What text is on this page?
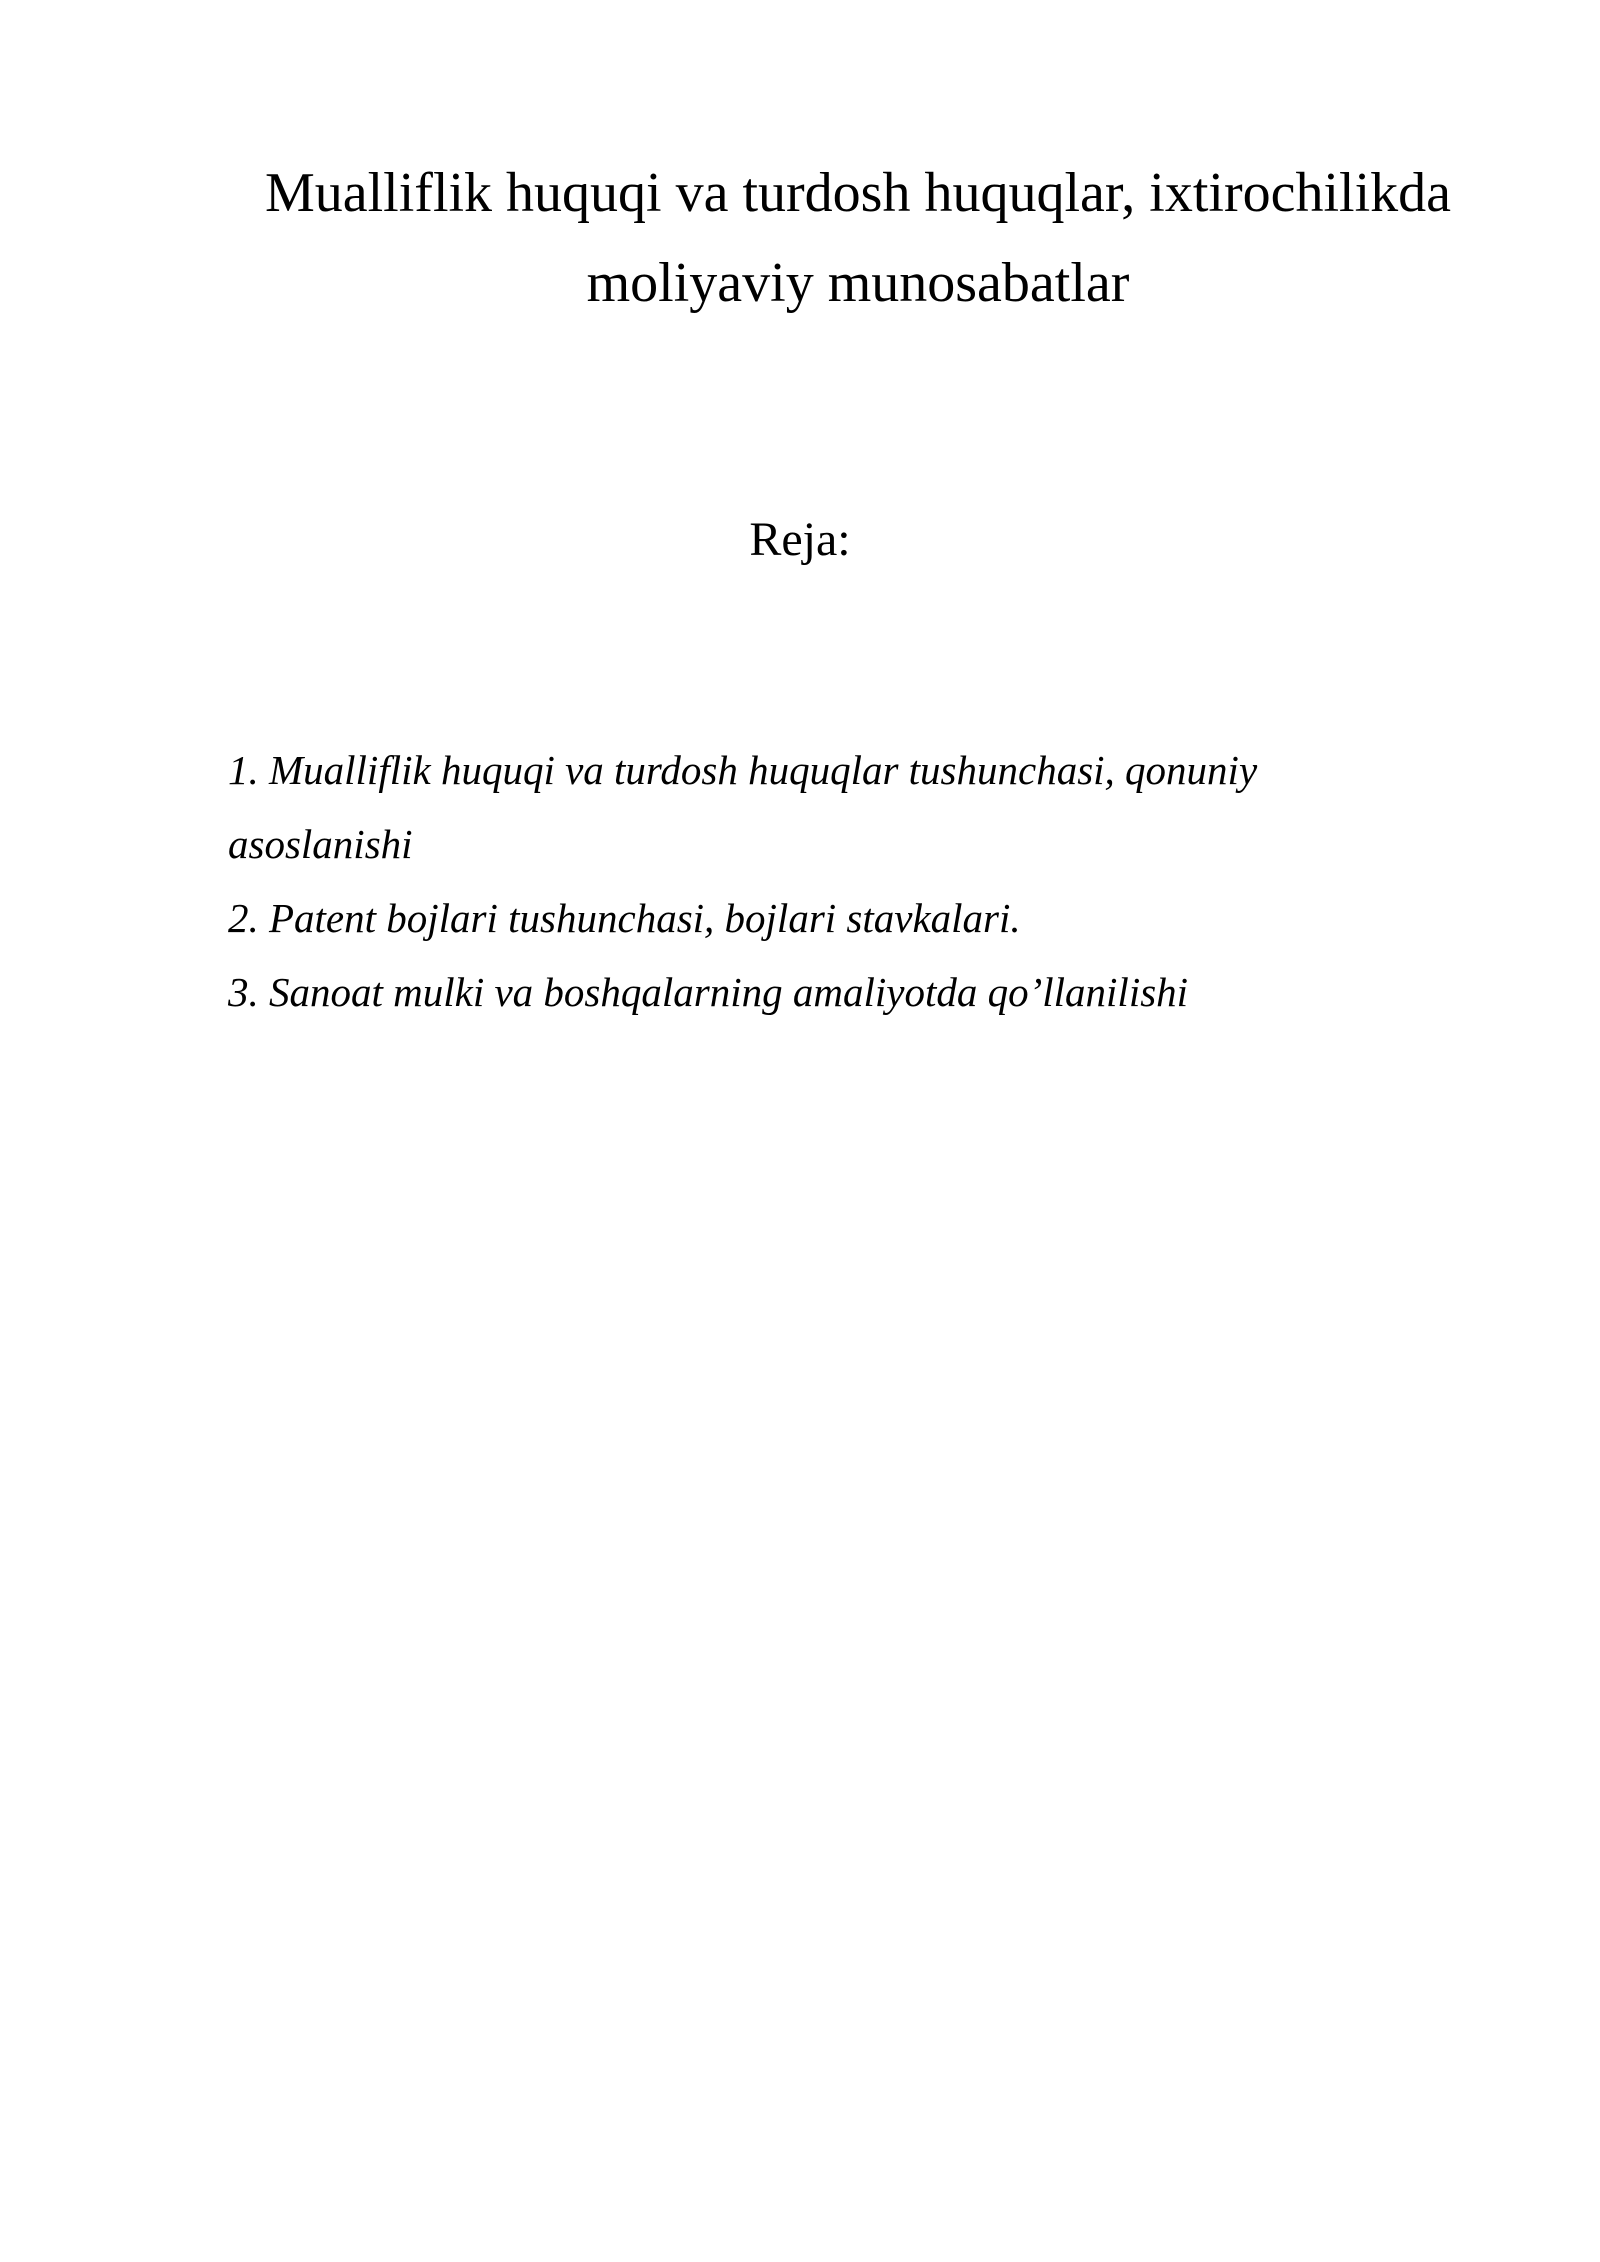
Mualliflik huquqi va turdosh huquqlar, ixtirochilikda
moliyaviy munosabatlar
Reja:
1. Mualliflik huquqi va turdosh huquqlar tushunchasi, qonuniy
asoslanishi
2. Patent bojlari tushunchasi, bojlari stavkalari.
3. Sanoat mulki va boshqalarning amaliyotda qo’llanilishi
